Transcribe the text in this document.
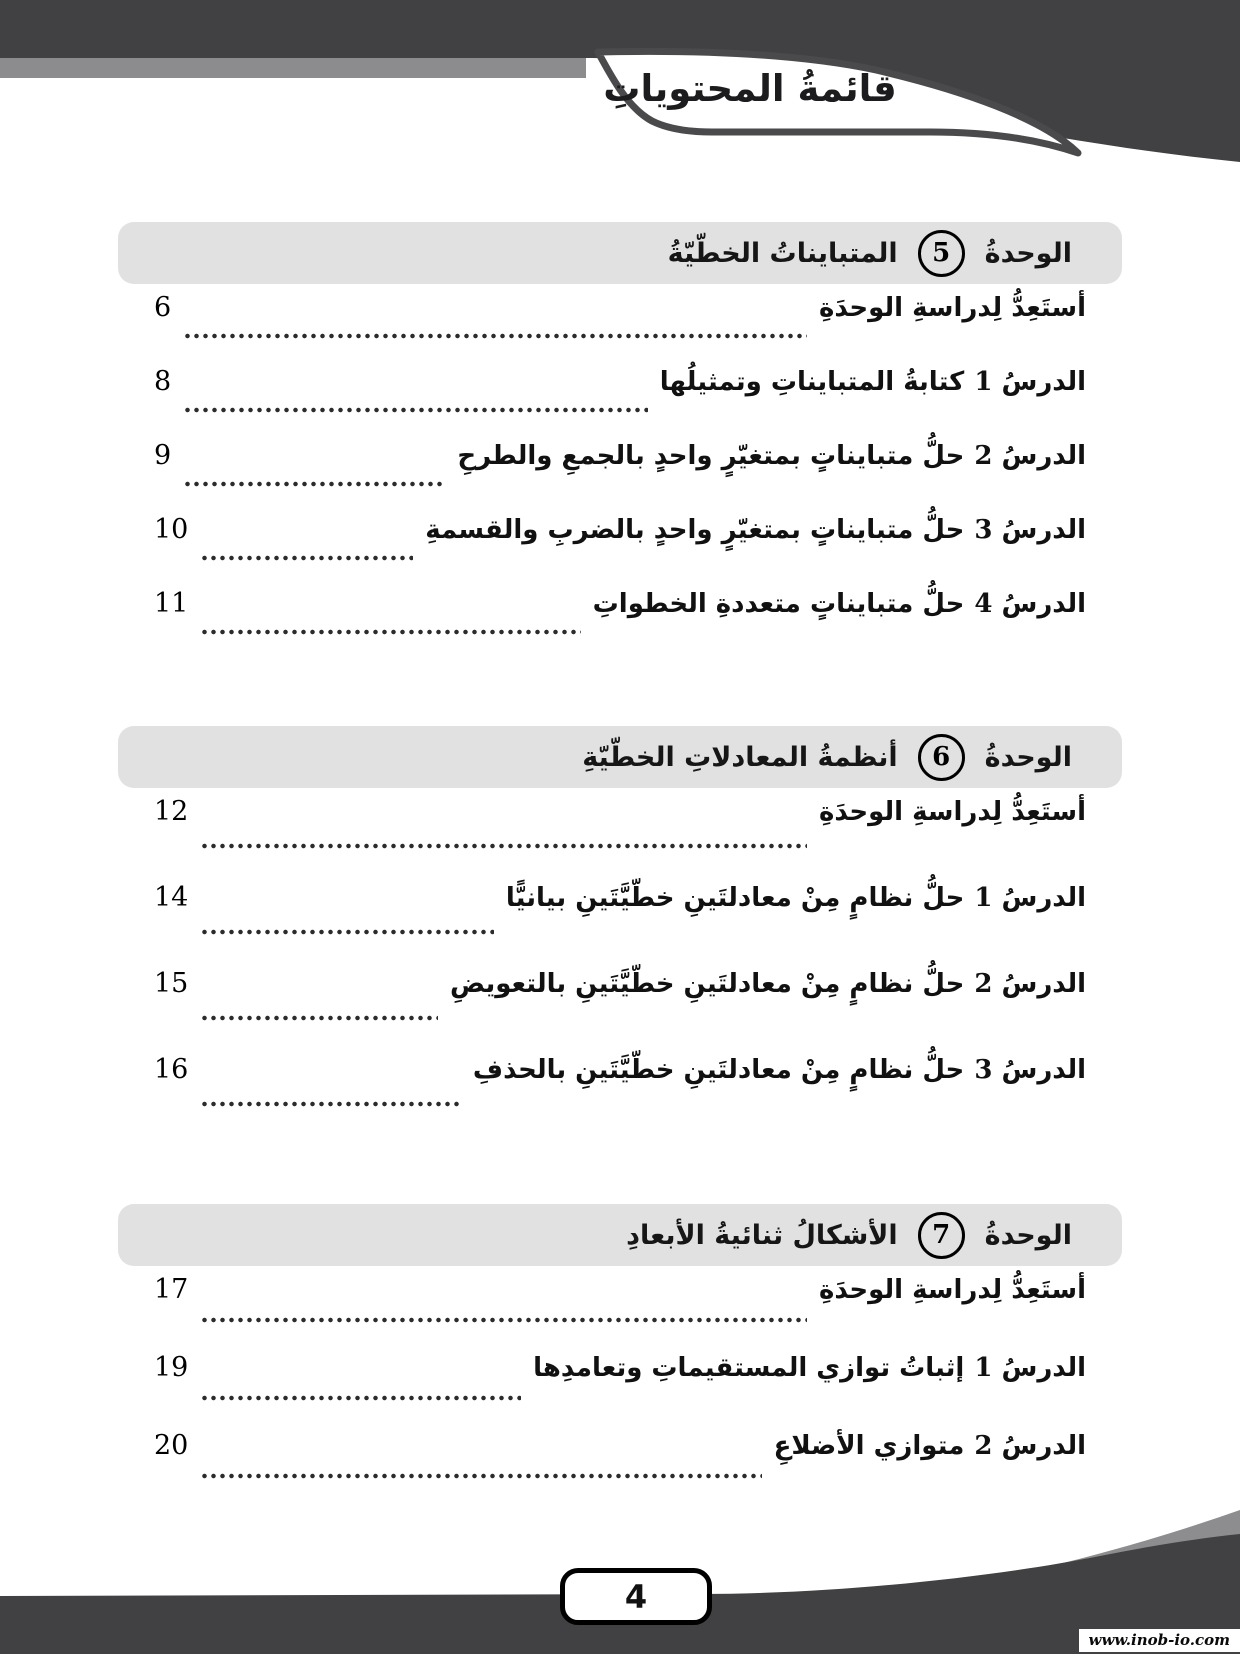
قائمةُ المحتوياتِ
الوحدةُ
5
المتبايناتُ الخطّيّةُ
أستَعِدُّ لِدراسةِ الوحدَةِ
6
الدرسُ 1
كتابةُ المتبايناتِ وتمثيلُها
8
الدرسُ 2
حلُّ متبايناتٍ بمتغيّرٍ واحدٍ بالجمعِ والطرحِ
9
الدرسُ 3
حلُّ متبايناتٍ بمتغيّرٍ واحدٍ بالضربِ والقسمةِ
10
الدرسُ 4
حلُّ متبايناتٍ متعددةِ الخطواتِ
11
الوحدةُ
6
أنظمةُ المعادلاتِ الخطّيّةِ
أستَعِدُّ لِدراسةِ الوحدَةِ
12
الدرسُ 1
حلُّ نظامٍ مِنْ معادلتَينِ خطّيَّتَينِ بيانيًّا
14
الدرسُ 2
حلُّ نظامٍ مِنْ معادلتَينِ خطّيَّتَينِ بالتعويضِ
15
الدرسُ 3
حلُّ نظامٍ مِنْ معادلتَينِ خطّيَّتَينِ بالحذفِ
16
الوحدةُ
7
الأشكالُ ثنائيةُ الأبعادِ
أستَعِدُّ لِدراسةِ الوحدَةِ
17
الدرسُ 1
إثباتُ توازي المستقيماتِ وتعامدِها
19
الدرسُ 2
متوازي الأضلاعِ
20
4
www.inob-io.com
